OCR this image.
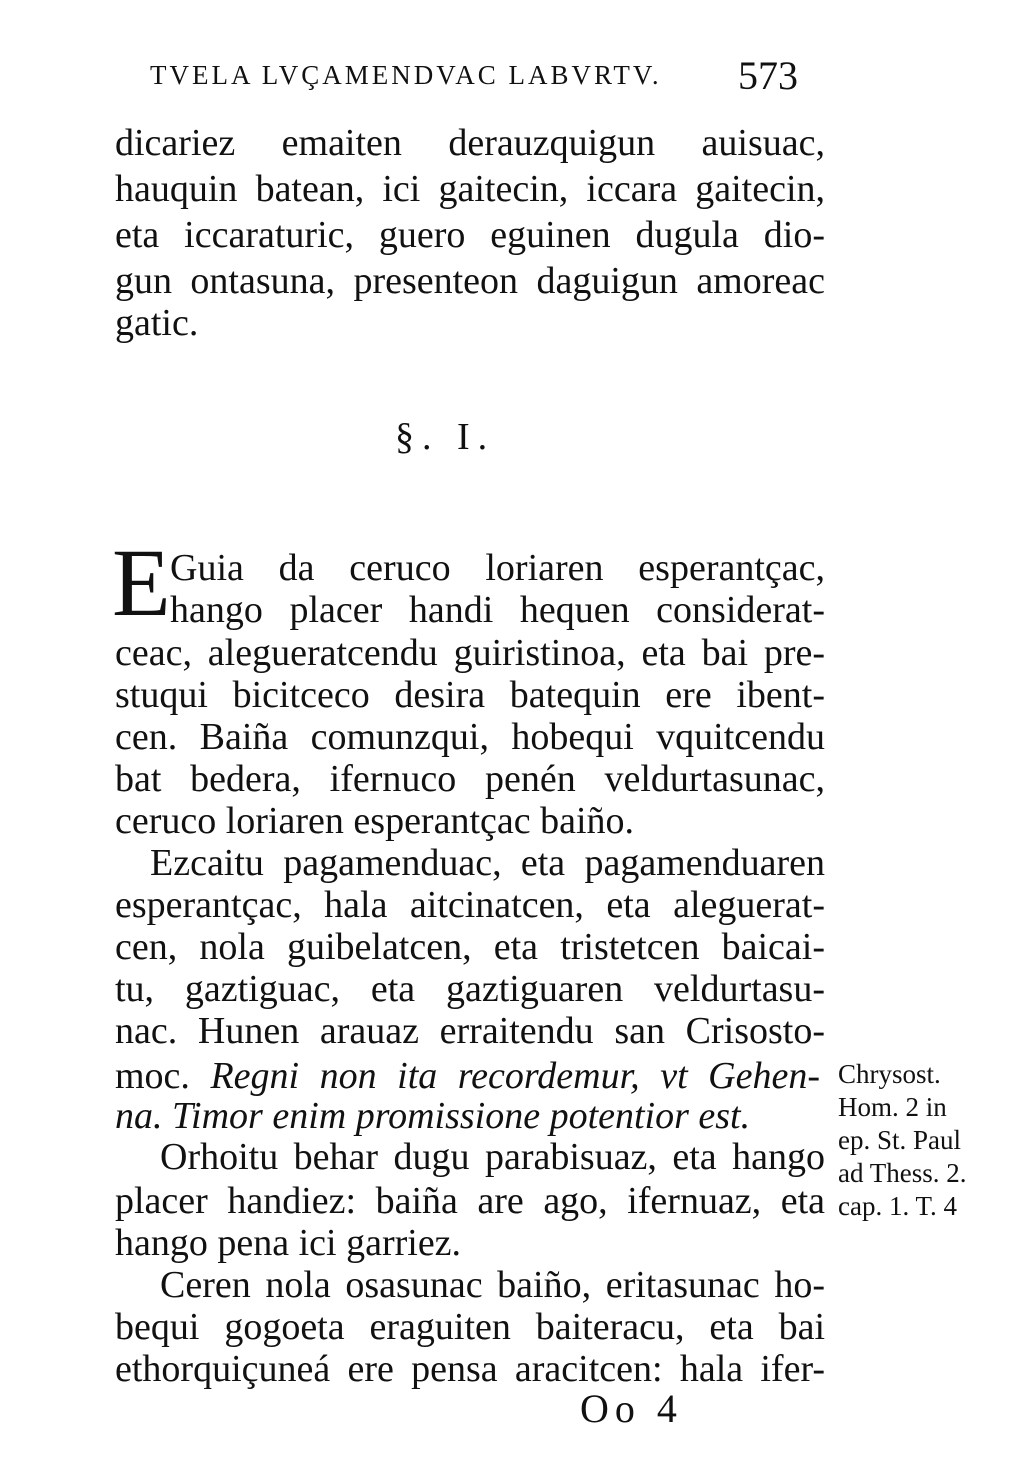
TVELA LVÇAMENDVAC LABVRTV. 573
dicariez emaiten derauzquigun auisuac,
hauquin batean, ici gaitecin, iccara gaitecin,
eta iccaraturic, guero eguinen dugula dio-
gun ontasuna, presenteon daguigun amoreac
gatic.
§. I.
E Guia da ceruco loriaren esperantçac,
hango placer handi hequen considerat-
ceac, alegueratcendu guiristinoa, eta bai pre-
stuqui bicitceco desira batequin ere ibent-
cen. Baiña comunzqui, hobequi vquitcendu
bat bedera, ifernuco penén veldurtasunac,
ceruco loriaren esperantçac baiño.
Ezcaitu pagamenduac, eta pagamenduaren
esperantçac, hala aitcinatcen, eta aleguerat-
cen, nola guibelatcen, eta tristetcen baicai-
tu, gaztiguac, eta gaztiguaren veldurtasu-
nac. Hunen arauaz erraitendu san Crisosto-
moc. Regni non ita recordemur, vt Gehen-
na. Timor enim promissione potentior est.
Orhoitu behar dugu parabisuaz, eta hango
placer handiez: baiña are ago, ifernuaz, eta
hango pena ici garriez.
Ceren nola osasunac baiño, eritasunac ho-
bequi gogoeta eraguiten baiteracu, eta bai
ethorquiçuneá ere pensa aracitcen: hala ifer-
Chrysost.
Hom. 2 in
ep. St. Paul
ad Thess. 2.
cap. 1. T. 4
Oo 4
